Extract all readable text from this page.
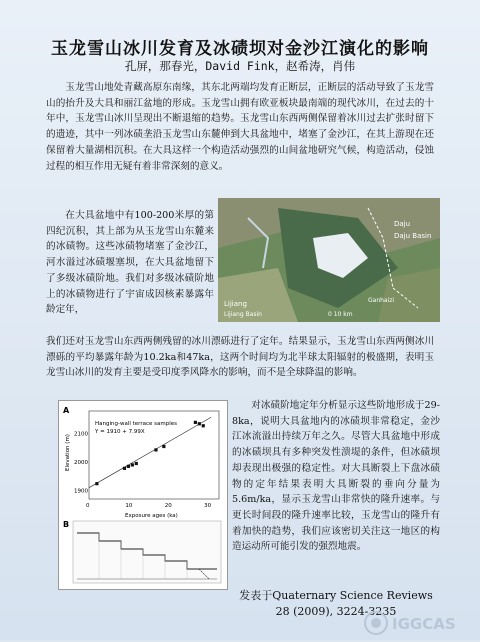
玉龙雪山冰川发育及冰碛坝对金沙江演化的影响
孔屏，那春光，David Fink，赵希涛，肖伟
玉龙雪山地处青藏高原东南缘，其东北两端均发育正断层，正断层的活动导致了玉龙雪山的抬升及大具和丽江盆地的形成。玉龙雪山拥有欧亚板块最南端的现代冰川，在过去的十年中，玉龙雪山冰川呈现出不断退缩的趋势。玉龙雪山东西两侧保留着冰川过去扩张时留下的遗迹，其中一列冰碛垄沿玉龙雪山东麓伸到大具盆地中，堵塞了金沙江，在其上游现在还保留着大量湖相沉积。在大具这样一个构造活动强烈的山间盆地研究气候，构造活动，侵蚀过程的相互作用无疑有着非常深刻的意义。
Daju
Daju Basin
Lijiang
Lijiang Basin
Ganhaizi
0 10 km
在大具盆地中有100-200米厚的第四纪沉积，其上部为从玉龙雪山东麓来的冰碛物。这些冰碛物堵塞了金沙江，河水溢过冰碛堰塞坝，在大具盆地留下了多级冰碛阶地。我们对多级冰碛阶地上的冰碛物进行了宇宙成因核素暴露年龄定年，
我们还对玉龙雪山东西两侧残留的冰川漂砾进行了定年。结果显示，玉龙雪山东西两侧冰川漂砾的平均暴露年龄为10.2ka和47ka，这两个时间均为北半球太阳辐射的极盛期，表明玉龙雪山冰川的发育主要是受印度季风降水的影响，而不是全球降温的影响。
A
Hanging-wall terrace samples
Y = 1910 + 7.99X
Elevation (m)
Exposure ages (ka)
0	10	20	30
1900
2000
2100
B
对冰碛阶地定年分析显示这些阶地形成于29-8ka，说明大具盆地内的冰碛坝非常稳定，金沙江冰流溢出持续万年之久。尽管大具盆地中形成的冰碛坝具有多种突发性溃堤的条件，但冰碛坝却表现出极强的稳定性。对大具断裂上下盘冰碛物的定年结果表明大具断裂的垂向分量为5.6m/ka，显示玉龙雪山非常快的隆升速率。与更长时间段的隆升速率比较，玉龙雪山的隆升有着加快的趋势，我们应该密切关注这一地区的构造运动所可能引发的强烈地震。
发表于Quaternary Science Reviews
28 (2009), 3224-3235
IGGCAS
